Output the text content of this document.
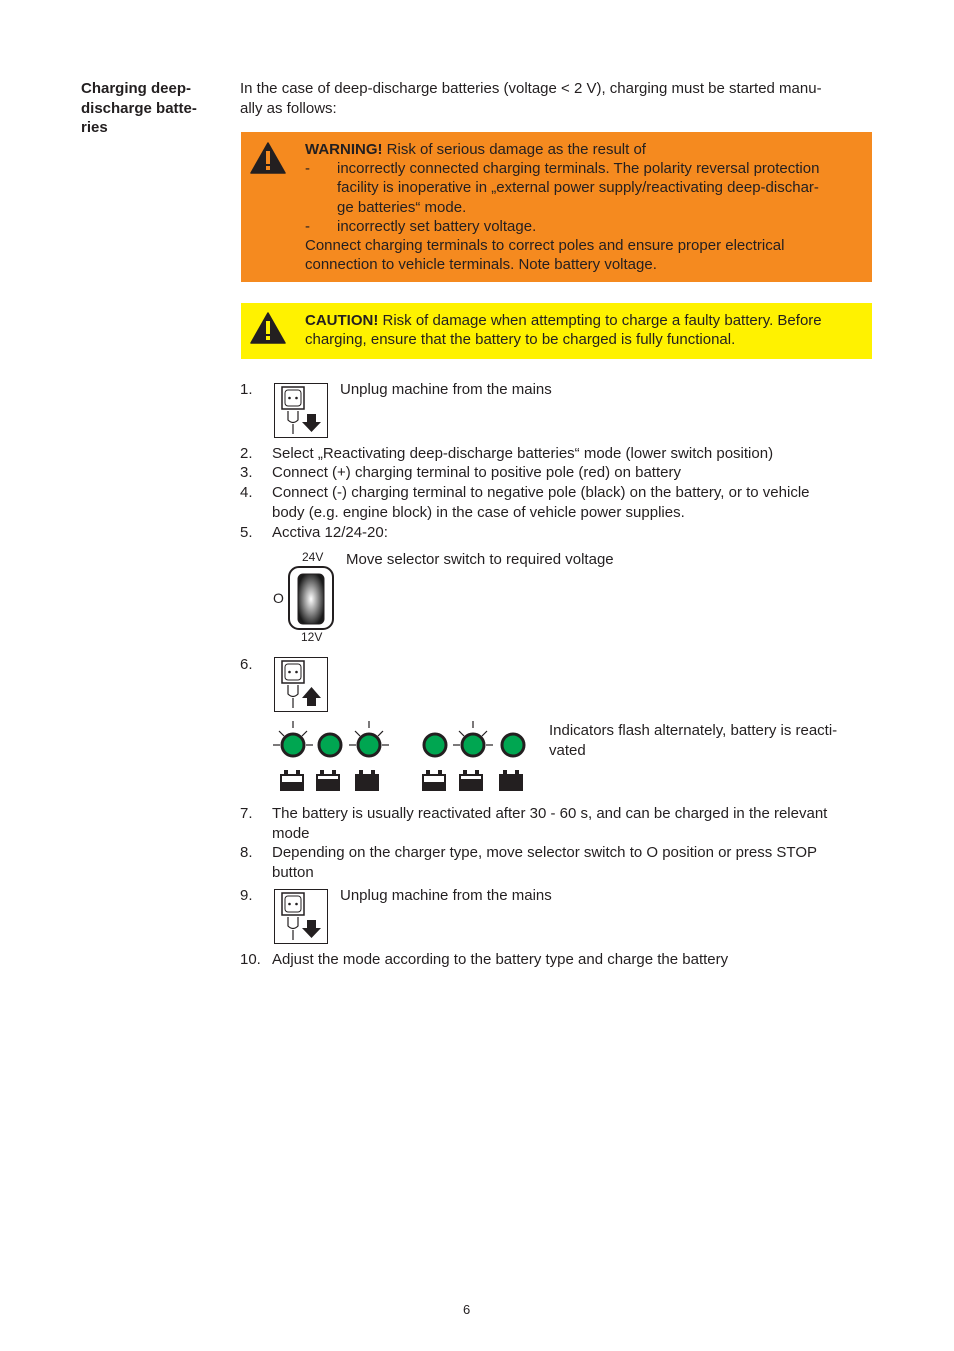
Charging deep-
discharge batte-
ries
In the case of deep-discharge batteries (voltage < 2 V), charging must be started manu-
ally as follows:
WARNING! Risk of serious damage as the result of
-	incorrectly connected charging terminals. The polarity reversal protection
facility is inoperative in „external power supply/reactivating deep-dischar-
ge batteries“ mode.
-	incorrectly set battery voltage.
Connect charging terminals to correct poles and ensure proper electrical
connection to vehicle terminals. Note battery voltage.
CAUTION! Risk of damage when attempting to charge a faulty battery. Before
charging, ensure that the battery to be charged is fully functional.
1.	Unplug machine from the mains
2. Select „Reactivating deep-discharge batteries“ mode (lower switch position)
3. Connect (+) charging terminal to positive pole (red) on battery
4. Connect (-) charging terminal to negative pole (black) on the battery, or to vehicle
body (e.g. engine block) in the case of vehicle power supplies.
5. Acctiva 12/24-20:
24V
O
12V
Move selector switch to required voltage
6.
Indicators flash alternately, battery is reacti-
vated
7. The battery is usually reactivated after 30 - 60 s, and can be charged in the relevant
mode
8. Depending on the charger type, move selector switch to O position or press STOP
button
9.	Unplug machine from the mains
10. Adjust the mode according to the battery type and charge the battery
6
